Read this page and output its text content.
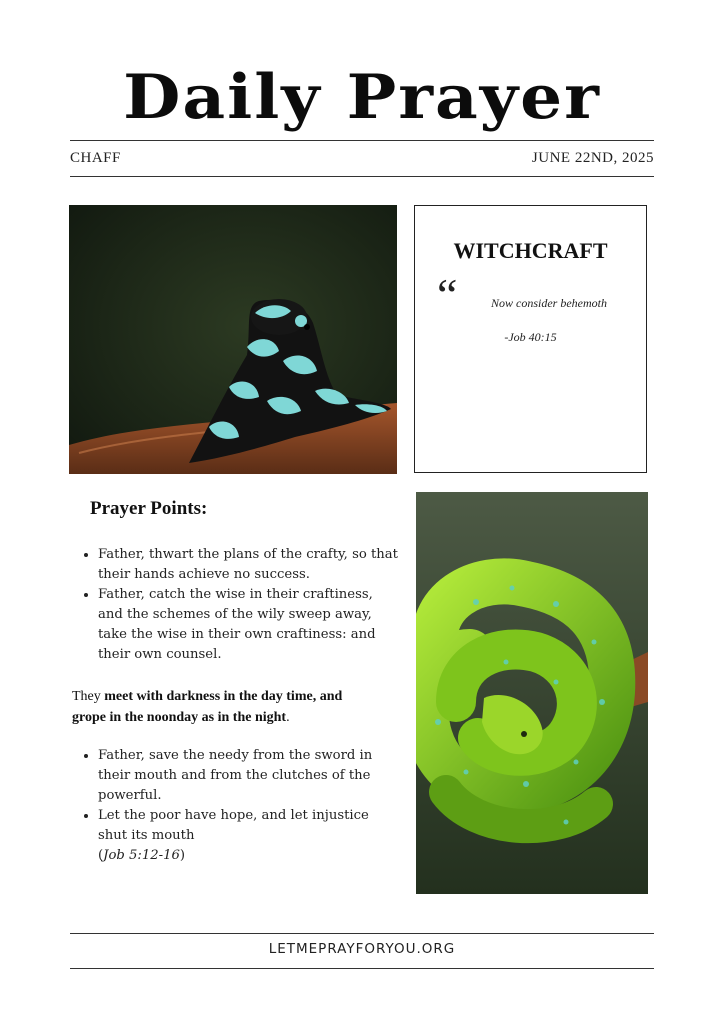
Daily Prayer
CHAFF	JUNE 22ND, 2025
WITCHCRAFT
“	Now consider behemoth
-Job 40:15
Prayer Points:
• Father, thwart the plans of the crafty, so that their hands achieve no success.
• Father, catch the wise in their craftiness, and the schemes of the wily sweep away, take the wise in their own craftiness: and their own counsel.
They meet with darkness in the day time, and grope in the noonday as in the night.
• Father, save the needy from the sword in their mouth and from the clutches of the powerful.
• Let the poor have hope, and let injustice shut its mouth
(Job 5:12-16)
LETMEPRAYFORYOU.ORG
